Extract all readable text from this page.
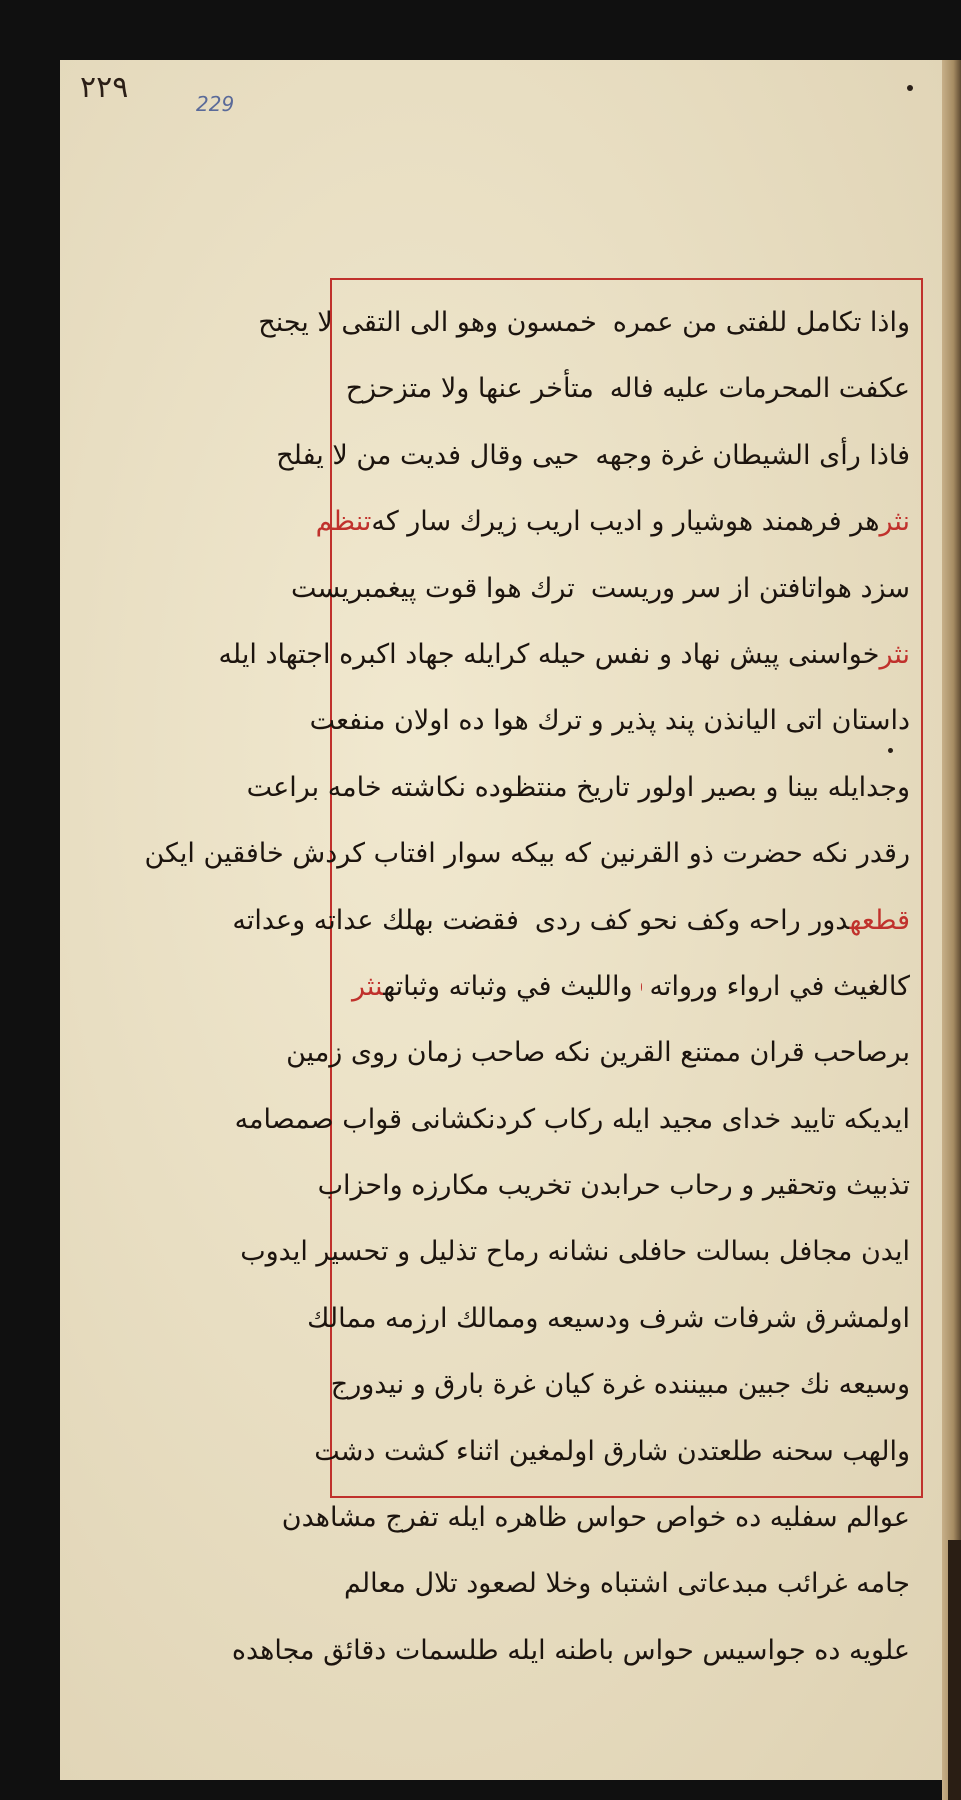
٢٢٩	229
واذا تكامل للفتى من عمره
خمسون وهو الى التقى لا يجنح
عكفت المحرمات عليه فاله
متأخر عنها ولا متزحزح
فاذا رأى الشيطان غرة وجهه
حيى وقال فديت من لا يفلح
نثر
هر فرهمند هوشيار و اديب اريب زيرك سار كه
تنظم
سزد هواتافتن از سر وريست
ترك هوا قوت پيغمبريست
نثر
خواسنى پيش نهاد و نفس حيله كرايله جهاد اكبره اجتهاد ايله
داستان اتى اليانذن پند پذير و ترك هوا ده اولان منفعت
وجدايله بينا و بصير اولور تاريخ منتظوده نكاشته خامه براعت
رقدر نكه حضرت ذو القرنين كه بيكه سوار افتاب كردش خافقين ايكن
قطعهدور راحه وكف نحو كف ردى
فقضت بهلك عداته وعداته
كالغيث في ارواء ورواته
والليث في وثباته وثباتهنثر
برصاحب قران ممتنع القرين نكه صاحب زمان روى زمين
ايديكه تاييد خداى مجيد ايله ركاب كردنكشانى قواب صمصامه
تذبيث وتحقير و رحاب حرابدن تخريب مكارزه واحزاب
ايدن مجافل بسالت حافلى نشانه رماح تذليل و تحسير ايدوب
اولمشرق شرفات شرف ودسيعه وممالك ارزمه ممالك
وسيعه نك جبين مبيننده غرة كيان غرة بارق و نيدورج
والهب سحنه طلعتدن شارق اولمغين اثناء كشت دشت
عوالم سفليه ده خواص حواس ظاهره ايله تفرج مشاهدن
جامه غرائب مبدعاتى اشتباه وخلا لصعود تلال معالم
علويه ده جواسيس حواس باطنه ايله طلسمات دقائق مجاهده
